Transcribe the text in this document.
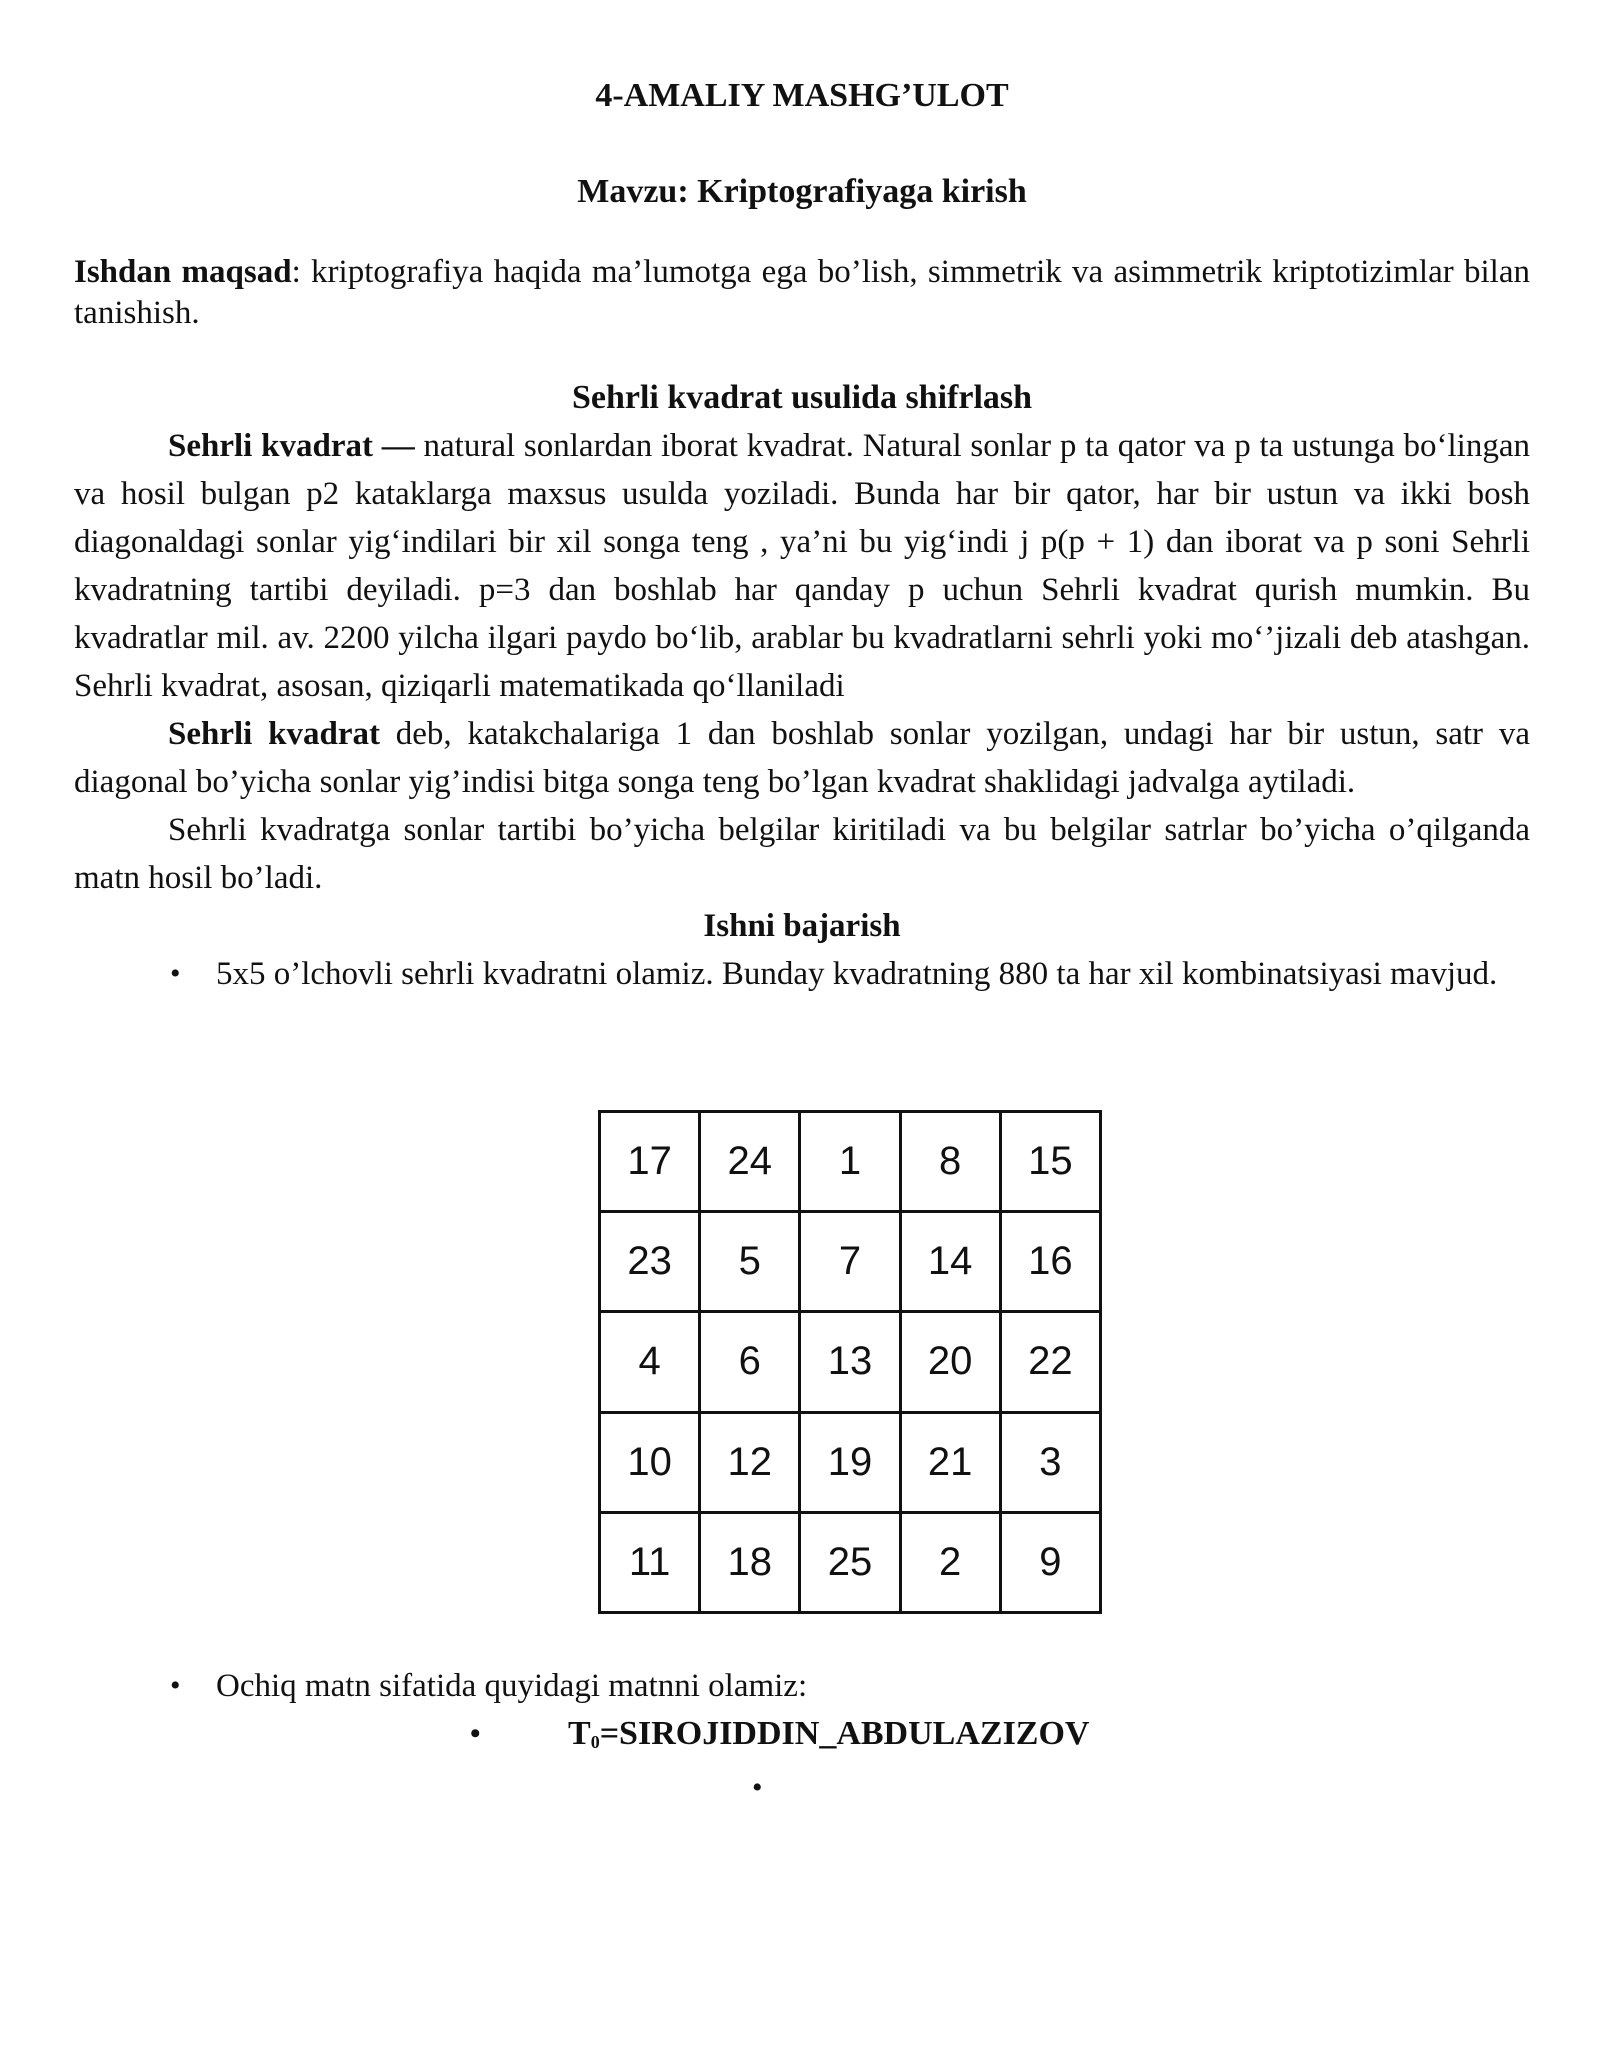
4-AMALIY MASHG’ULOT
Mavzu: Kriptografiyaga kirish

Ishdan maqsad: kriptografiya haqida ma’lumotga ega bo’lish, simmetrik va asimmetrik kriptotizimlar bilan tanishish.

Sehrli kvadrat usulida shifrlash

Sehrli kvadrat — natural sonlardan iborat kvadrat. Natural sonlar p ta qator va p ta ustunga bo‘lingan va hosil bulgan p2 kataklarga maxsus usulda yoziladi. Bunda har bir qator, har bir ustun va ikki bosh diagonaldagi sonlar yig‘indilari bir xil songa teng , ya’ni bu yig‘indi j p(p + 1) dan iborat va p soni Sehrli kvadratning tartibi deyiladi. p=3 dan boshlab har qanday p uchun Sehrli kvadrat qurish mumkin. Bu kvadratlar mil. av. 2200 yilcha ilgari paydo bo‘lib, arablar bu kvadratlarni sehrli yoki mo‘’jizali deb atashgan. Sehrli kvadrat, asosan, qiziqarli matematikada qo‘llaniladi

Sehrli kvadrat deb, katakchalariga 1 dan boshlab sonlar yozilgan, undagi har bir ustun, satr va diagonal bo’yicha sonlar yig’indisi bitga songa teng bo’lgan kvadrat shaklidagi jadvalga aytiladi.

Sehrli kvadratga sonlar tartibi bo’yicha belgilar kiritiladi va bu belgilar satrlar bo’yicha o’qilganda matn hosil bo’ladi.

Ishni bajarish
• 5x5 o’lchovli sehrli kvadratni olamiz. Bunday kvadratning 880 ta har xil kombinatsiyasi mavjud.
17	24	1	8	15
23	5	7	14	16
4	6	13	20	22
10	12	19	21	3
11	18	25	2	9
• Ochiq matn sifatida quyidagi matnni olamiz:
•	$T_0=SIROJIDDIN\_ABDULAZIZOV$
•
